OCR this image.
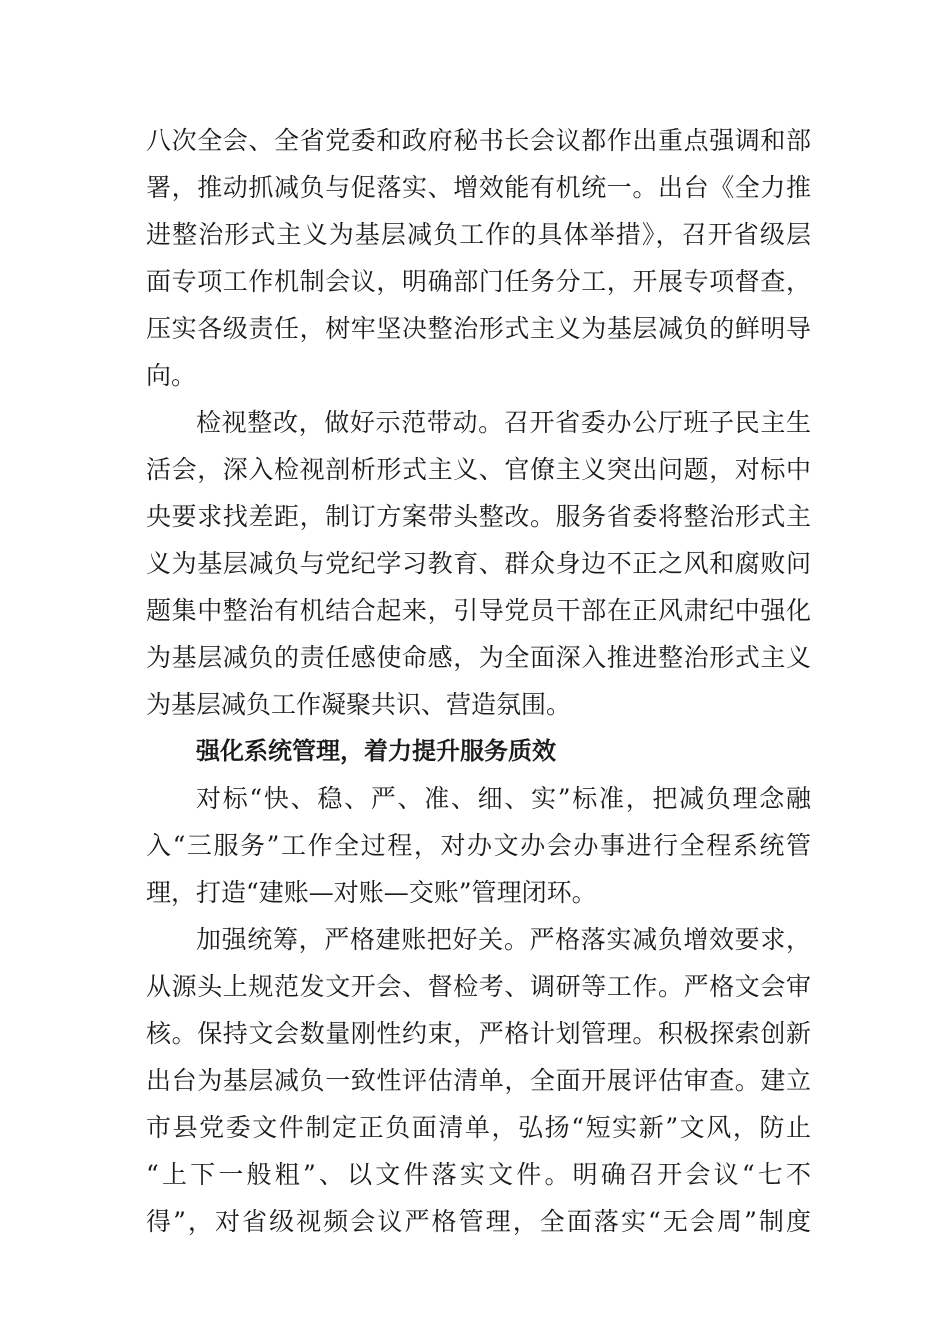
八次全会、全省党委和政府秘书长会议都作出重点强调和部
署，推动抓减负与促落实、增效能有机统一。出台《全力推
进整治形式主义为基层减负工作的具体举措》，召开省级层
面专项工作机制会议，明确部门任务分工，开展专项督查，
压实各级责任，树牢坚决整治形式主义为基层减负的鲜明导
向。
检视整改，做好示范带动。召开省委办公厅班子民主生
活会，深入检视剖析形式主义、官僚主义突出问题，对标中
央要求找差距，制订方案带头整改。服务省委将整治形式主
义为基层减负与党纪学习教育、群众身边不正之风和腐败问
题集中整治有机结合起来，引导党员干部在正风肃纪中强化
为基层减负的责任感使命感，为全面深入推进整治形式主义
为基层减负工作凝聚共识、营造氛围。
强化系统管理，着力提升服务质效
对标“快、稳、严、准、细、实”标准，把减负理念融
入“三服务”工作全过程，对办文办会办事进行全程系统管
理，打造“建账—对账—交账”管理闭环。
加强统筹，严格建账把好关。严格落实减负增效要求，
从源头上规范发文开会、督检考、调研等工作。严格文会审
核。保持文会数量刚性约束，严格计划管理。积极探索创新
出台为基层减负一致性评估清单，全面开展评估审查。建立
市县党委文件制定正负面清单，弘扬“短实新”文风，防止
“上下一般粗”、以文件落实文件。明确召开会议“七不
得”，对省级视频会议严格管理，全面落实“无会周”制度
